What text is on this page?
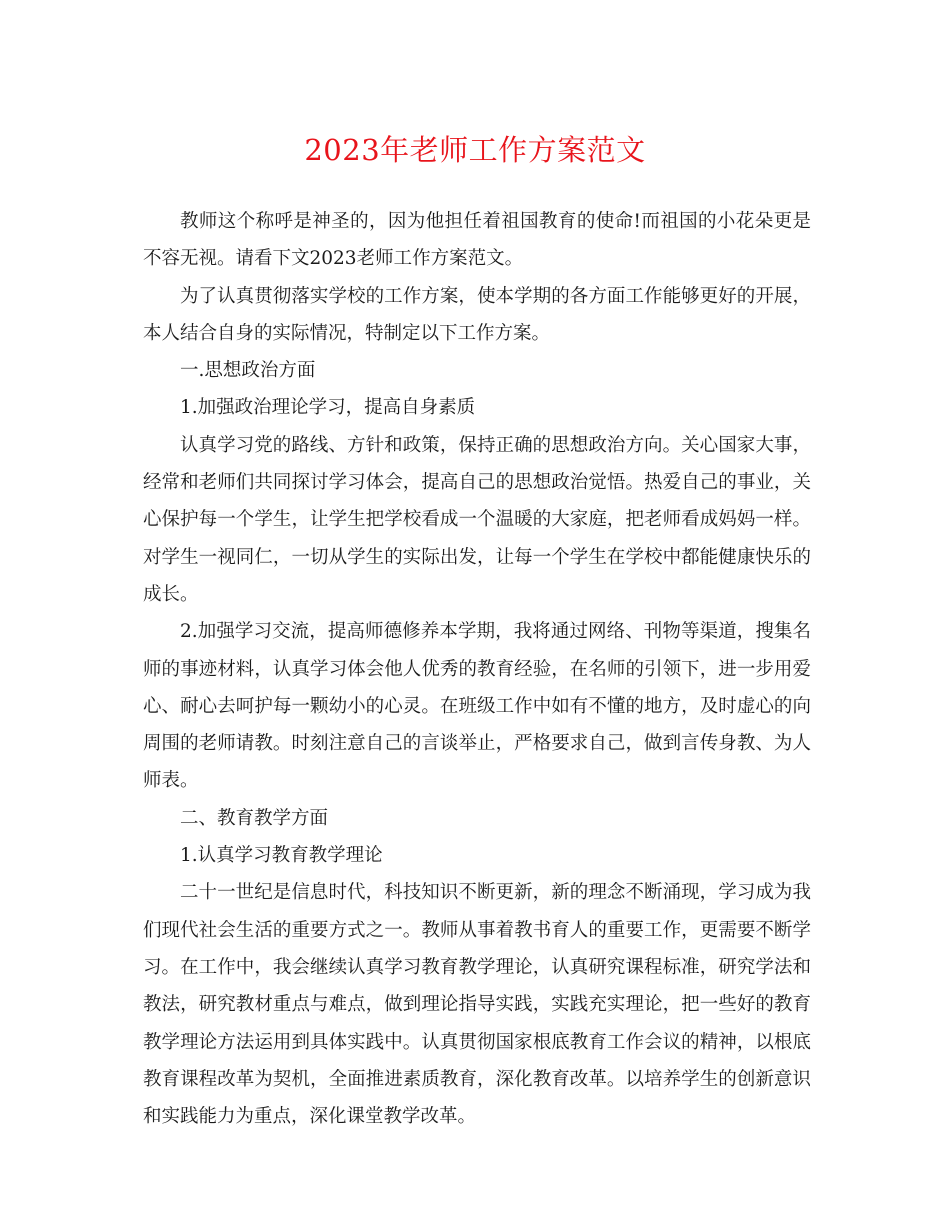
2023年老师工作方案范文

教师这个称呼是神圣的，因为他担任着祖国教育的使命!而祖国的小花朵更是不容无视。请看下文2023老师工作方案范文。

为了认真贯彻落实学校的工作方案，使本学期的各方面工作能够更好的开展，本人结合自身的实际情况，特制定以下工作方案。

一.思想政治方面

1.加强政治理论学习，提高自身素质

认真学习党的路线、方针和政策，保持正确的思想政治方向。关心国家大事，经常和老师们共同探讨学习体会，提高自己的思想政治觉悟。热爱自己的事业，关心保护每一个学生，让学生把学校看成一个温暖的大家庭，把老师看成妈妈一样。对学生一视同仁，一切从学生的实际出发，让每一个学生在学校中都能健康快乐的成长。

2.加强学习交流，提高师德修养本学期，我将通过网络、刊物等渠道，搜集名师的事迹材料，认真学习体会他人优秀的教育经验，在名师的引领下，进一步用爱心、耐心去呵护每一颗幼小的心灵。在班级工作中如有不懂的地方，及时虚心的向周围的老师请教。时刻注意自己的言谈举止，严格要求自己，做到言传身教、为人师表。

二、教育教学方面

1.认真学习教育教学理论

二十一世纪是信息时代，科技知识不断更新，新的理念不断涌现，学习成为我们现代社会生活的重要方式之一。教师从事着教书育人的重要工作，更需要不断学习。在工作中，我会继续认真学习教育教学理论，认真研究课程标准，研究学法和教法，研究教材重点与难点，做到理论指导实践，实践充实理论，把一些好的教育教学理论方法运用到具体实践中。认真贯彻国家根底教育工作会议的精神，以根底教育课程改革为契机，全面推进素质教育，深化教育改革。以培养学生的创新意识和实践能力为重点，深化课堂教学改革。
